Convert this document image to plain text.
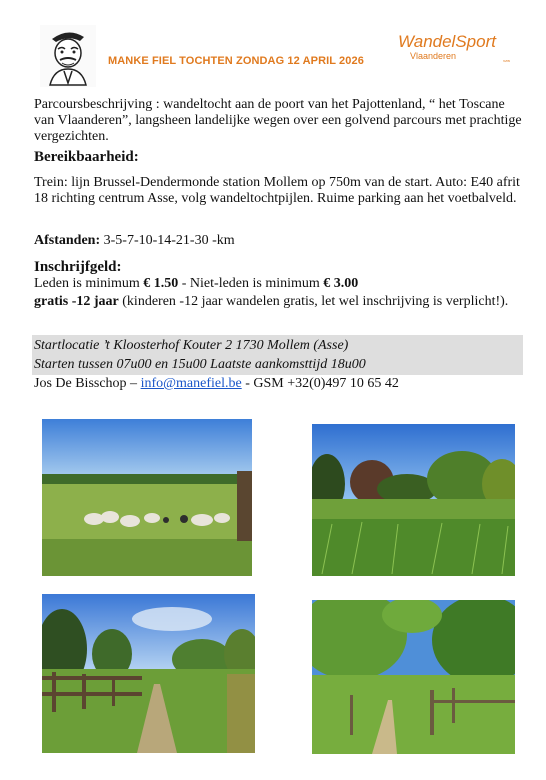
MANKE FIEL TOCHTEN ZONDAG 12 APRIL 2026
WandelSport
Vlaanderen	vzw
Parcoursbeschrijving : wandeltocht aan de poort van het Pajottenland, “ het Toscane van Vlaanderen”, langsheen landelijke wegen over een golvend parcours met prachtige vergezichten.
Bereikbaarheid:
Trein: lijn Brussel-Dendermonde station Mollem op 750m van de start. Auto: E40 afrit 18 richting centrum Asse, volg wandeltochtpijlen. Ruime parking aan het voetbalveld.
Afstanden: 3-5-7-10-14-21-30 -km
Inschrijfgeld:
Leden is minimum € 1.50 - Niet-leden is minimum € 3.00
gratis -12 jaar (kinderen -12 jaar wandelen gratis, let wel inschrijving is verplicht!).
Startlocatie ’t Kloosterhof Kouter 2 1730 Mollem (Asse)
Starten tussen 07u00 en 15u00 Laatste aankomsttijd 18u00
Jos De Bisschop – info@manefiel.be - GSM +32(0)497 10 65 42
